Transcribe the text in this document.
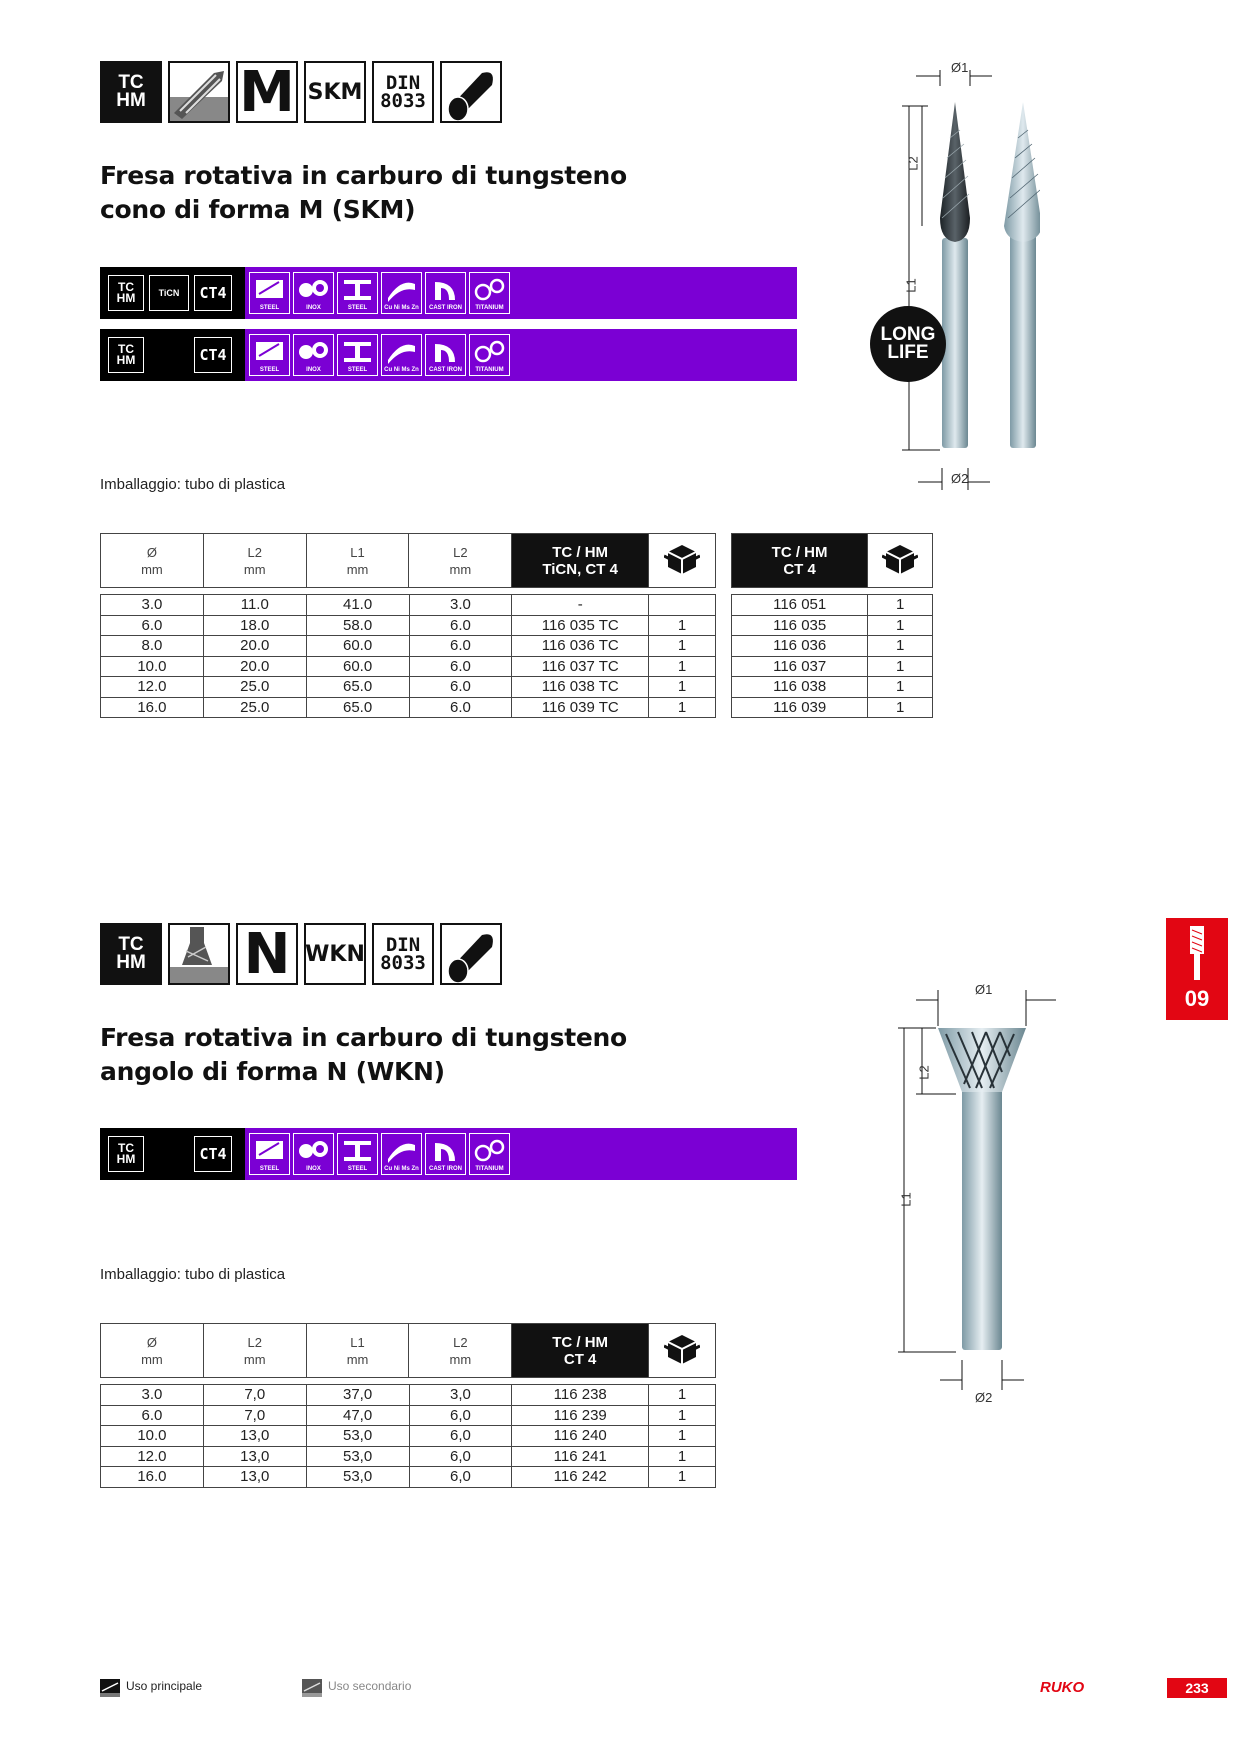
TC
HM M SKM DIN
8033
Fresa rotativa in carburo di tungsteno
cono di forma M (SKM)
TC
HM	TiCN	CT4
STEEL	INOX	STEEL	Cu Ni Ms Zn CAST IRON TITANIUM
TC
HM	CT4
STEEL	INOX	STEEL	Cu Ni Ms Zn CAST IRON TITANIUM
Imballaggio: tubo di plastica
Ø
mm

L2
mm

L1
mm

L2
mm

TC / HM
TiCN, CT 4

TC / HM
CT 4

3.0	11.0	41.0	3.0	-	
6.0	18.0	58.0	6.0	116 035 TC	1
8.0	20.0	60.0	6.0	116 036 TC	1
10.0	20.0	60.0	6.0	116 037 TC	1
12.0	25.0	65.0	6.0	116 038 TC	1
16.0	25.0	65.0	6.0	116 039 TC	1
116 051	1
116 035	1
116 036	1
116 037	1
116 038	1
116 039	1
Ø1
Ø2
L1
L2
LONG
LIFE
TC
HM N WKN DIN
8033
Fresa rotativa in carburo di tungsteno
angolo di forma N (WKN)
TC
HM	CT4
STEEL	INOX	STEEL	Cu Ni Ms Zn CAST IRON TITANIUM
Imballaggio: tubo di plastica
Ø
mm

L2
mm

L1
mm

L2
mm

TC / HM
CT 4

3.0	7,0	37,0	3,0	116 238	1
6.0	7,0	47,0	6,0	116 239	1
10.0	13,0	53,0	6,0	116 240	1
12.0	13,0	53,0	6,0	116 241	1
16.0	13,0	53,0	6,0	116 242	1
09
Ø1
Ø2
L1
L2
Uso principale	Uso secondario	RUKO	233
